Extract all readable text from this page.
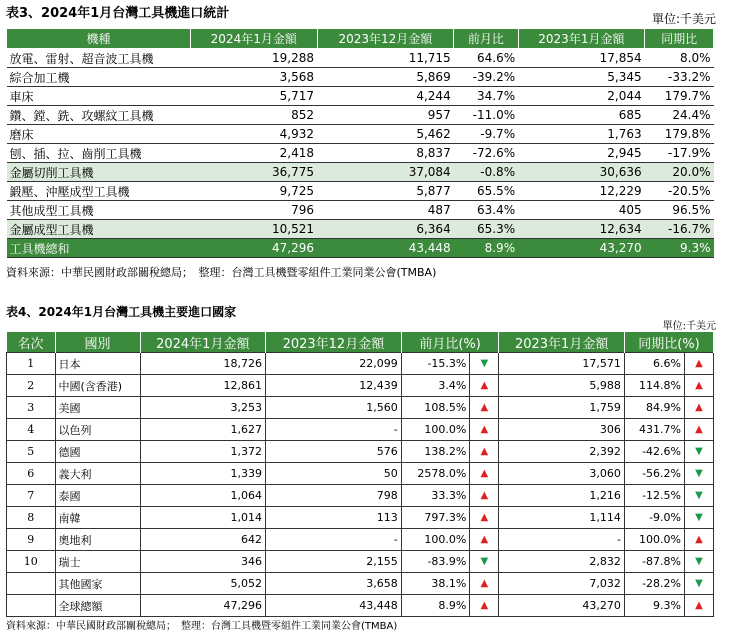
表3、2024年1月台灣工具機進口統計	單位:千美元
機種	2024年1月金額	2023年12月金額	前月比	2023年1月金額	同期比
放電、雷射、超音波工具機	19,288	11,715	64.6%	17,854	8.0%
綜合加工機	3,568	5,869	-39.2%	5,345	-33.2%
車床	5,717	4,244	34.7%	2,044	179.7%
鑽、鏜、銑、攻螺紋工具機	852	957	-11.0%	685	24.4%
磨床	4,932	5,462	-9.7%	1,763	179.8%
刨、插、拉、齒削工具機	2,418	8,837	-72.6%	2,945	-17.9%
金屬切削工具機	36,775	37,084	-0.8%	30,636	20.0%
鍛壓、沖壓成型工具機	9,725	5,877	65.5%	12,229	-20.5%
其他成型工具機	796	487	63.4%	405	96.5%
金屬成型工具機	10,521	6,364	65.3%	12,634	-16.7%
工具機總和	47,296	43,448	8.9%	43,270	9.3%
資料來源：中華民國財政部關稅總局；　整理：台灣工具機暨零組件工業同業公會(TMBA)
表4、2024年1月台灣工具機主要進口國家
單位:千美元
名次	國別	2024年1月金額	2023年12月金額	前月比(%)		2023年1月金額	同期比(%)	
1	日本	18,726	22,099	-15.3%	▼	17,571	6.6%	▲
2	中國(含香港)	12,861	12,439	3.4%	▲	5,988	114.8%	▲
3	美國	3,253	1,560	108.5%	▲	1,759	84.9%	▲
4	以色列	1,627	-	100.0%	▲	306	431.7%	▲
5	德國	1,372	576	138.2%	▲	2,392	-42.6%	▼
6	義大利	1,339	50	2578.0%	▲	3,060	-56.2%	▼
7	泰國	1,064	798	33.3%	▲	1,216	-12.5%	▼
8	南韓	1,014	113	797.3%	▲	1,114	-9.0%	▼
9	奧地利	642	-	100.0%	▲	-	100.0%	▲
10	瑞士	346	2,155	-83.9%	▼	2,832	-87.8%	▼
	其他國家	5,052	3,658	38.1%	▲	7,032	-28.2%	▼
	全球總額	47,296	43,448	8.9%	▲	43,270	9.3%	▲
資料來源：中華民國財政部關稅總局；　整理：台灣工具機暨零組件工業同業公會(TMBA)
